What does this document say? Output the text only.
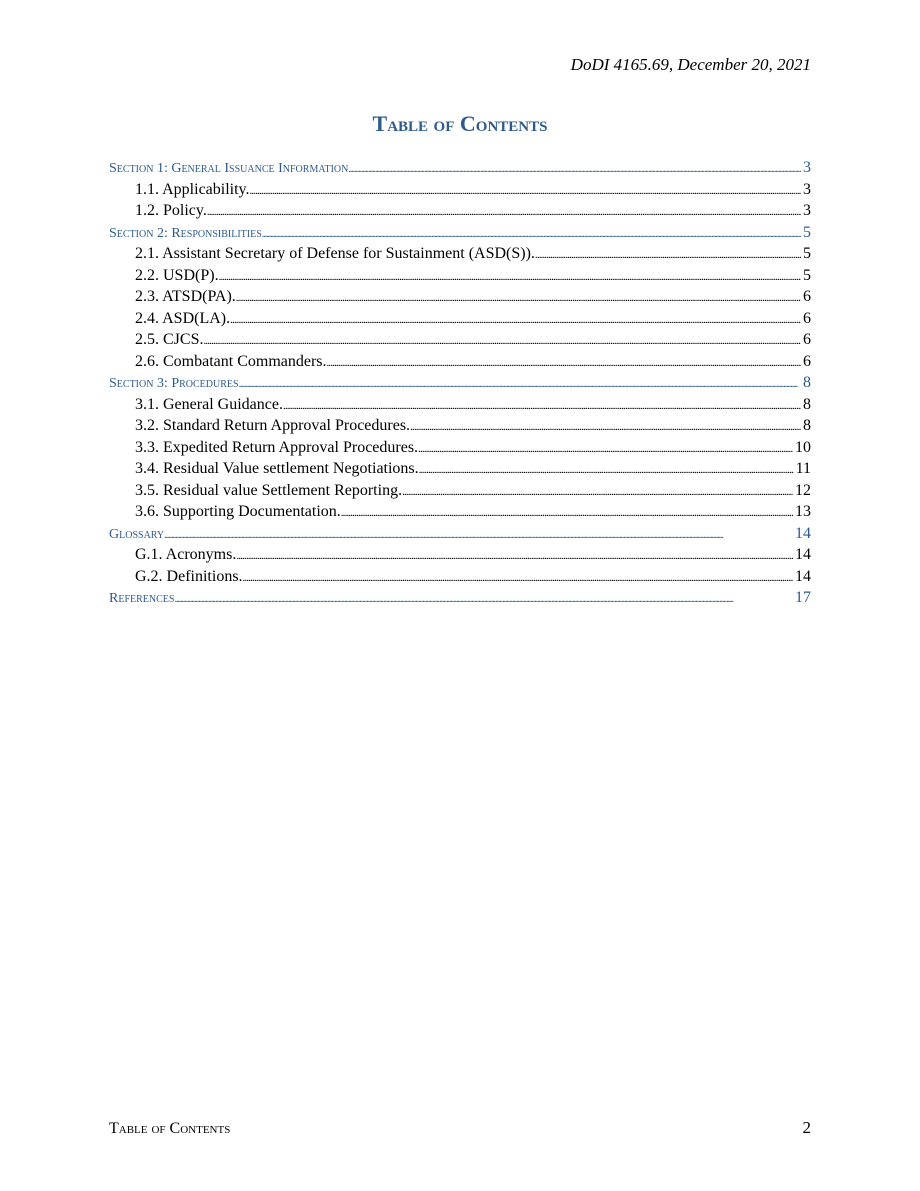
DoDI 4165.69, December 20, 2021
Table of Contents
Section 1: General Issuance Information . . .	3
1.1. Applicability. . . .	3
1.2. Policy. . . .	3
Section 2: Responsibilities . . .	5
2.1. Assistant Secretary of Defense for Sustainment (ASD(S)). . . .	5
2.2. USD(P). . . .	5
2.3. ATSD(PA). . . .	6
2.4. ASD(LA). . . .	6
2.5. CJCS. . . .	6
2.6. Combatant Commanders. . . .	6
Section 3: Procedures . . .	8
3.1. General Guidance. . . .	8
3.2. Standard Return Approval Procedures. . . .	8
3.3. Expedited Return Approval Procedures. . . .	10
3.4. Residual Value settlement Negotiations. . . .	11
3.5. Residual value Settlement Reporting. . . .	12
3.6. Supporting Documentation. . . .	13
Glossary . . .	14
G.1. Acronyms. . . .	14
G.2. Definitions. . . .	14
References . . .	17
Table of Contents	2
